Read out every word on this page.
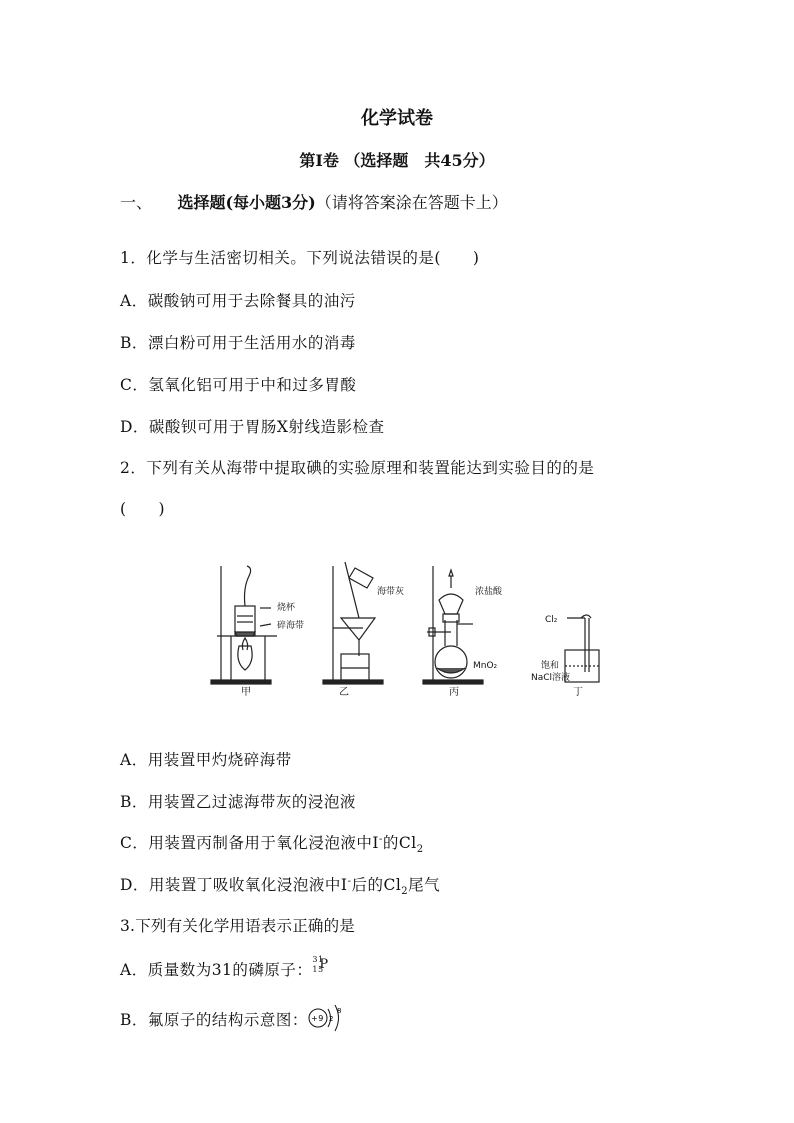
化学试卷
第Ⅰ卷 （选择题　共45分）
一、 选择题(每小题3分)（请将答案涂在答题卡上）
1．化学与生活密切相关。下列说法错误的是(　　)
A．碳酸钠可用于去除餐具的油污
B．漂白粉可用于生活用水的消毒
C．氢氧化铝可用于中和过多胃酸
D．碳酸钡可用于胃肠X射线造影检查
2．下列有关从海带中提取碘的实验原理和装置能达到实验目的的是
(　　)
烧杯
碎海带
海带灰	浓盐酸
MnO₂
Cl₂
饱和
NaCl溶液
甲	乙	丙	丁
A．用装置甲灼烧碎海带
B．用装置乙过滤海带灰的浸泡液
C．用装置丙制备用于氧化浸泡液中I-的$Cl_2$
D．用装置丁吸收氧化浸泡液中I-后的$Cl_2$尾气
3.下列有关化学用语表示正确的是
A．质量数为31的磷原子：
31
15
P
B．氟原子的结构示意图： +9 2
8
